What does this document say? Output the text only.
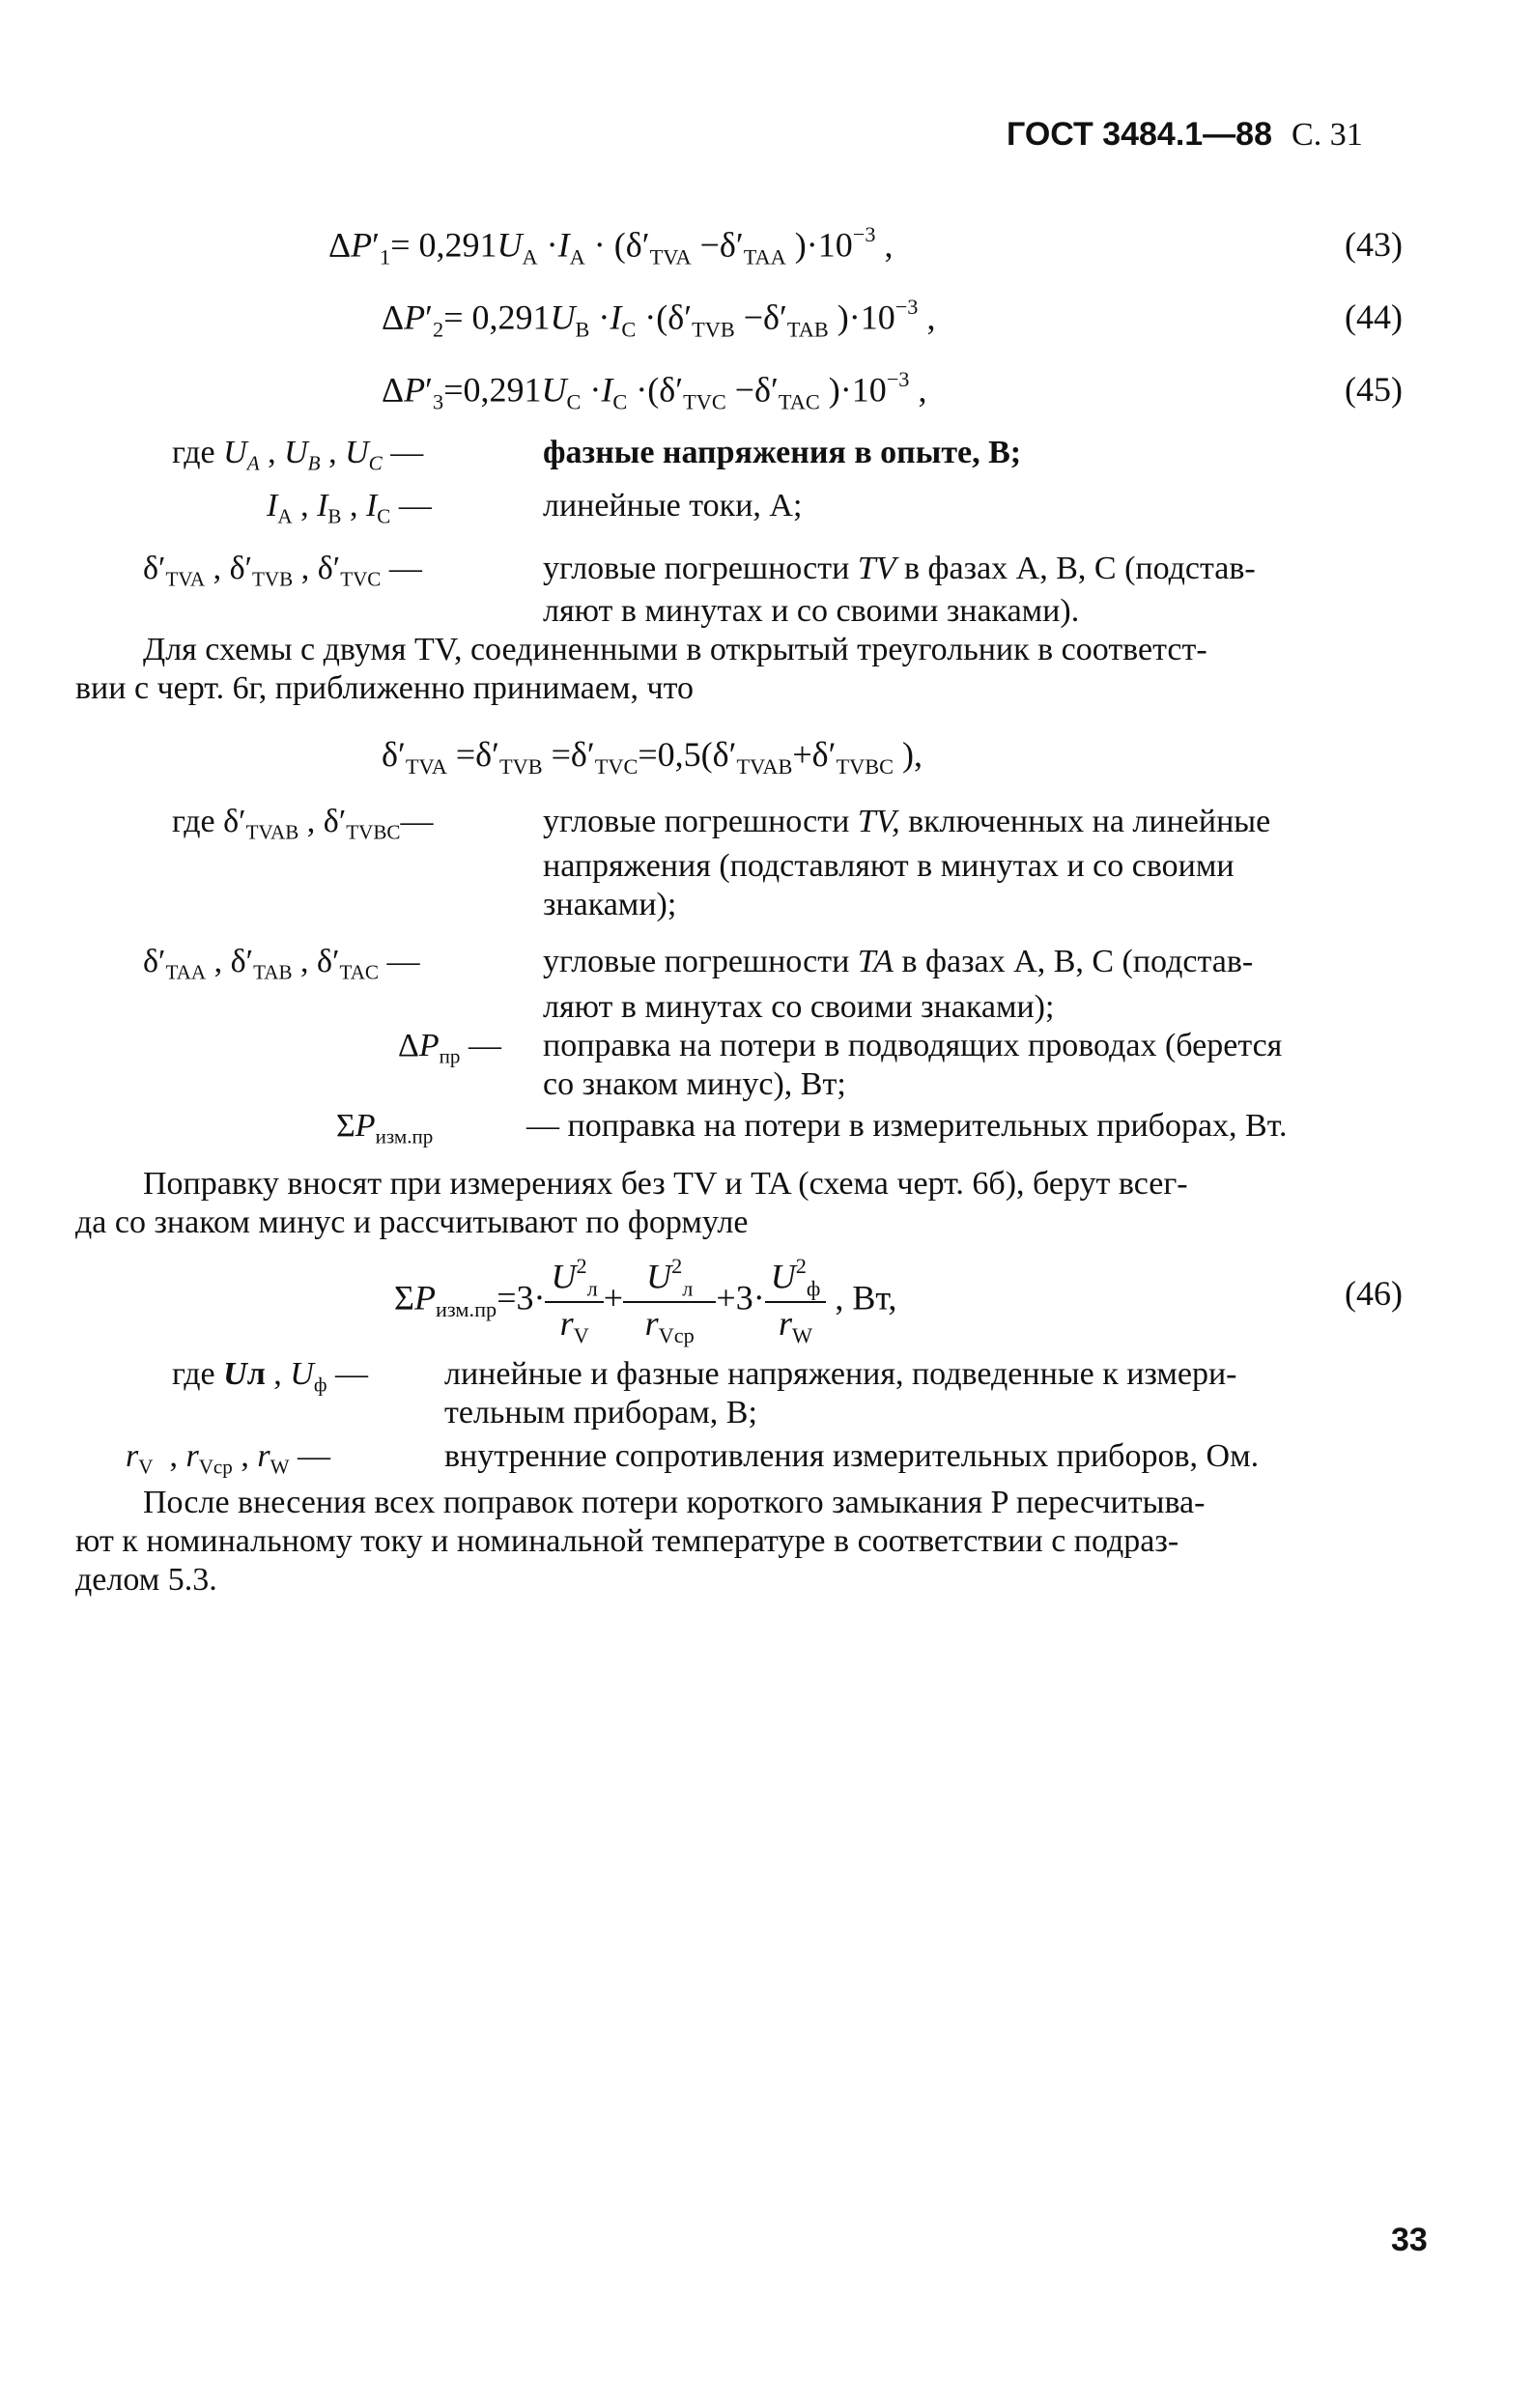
ГОСТ 3484.1—88 С. 31
$\Delta P'_1= 0,291U_A \cdot I_A \cdot (\delta'_{TVA} -\delta'_{TAA}$ )$\cdot 10^{-3}$ ,	(43)
$\Delta P'_2= 0,291U_B \cdot I_C \cdot(\delta'_{TVB} -\delta'_{TAB}$ )$\cdot 10^{-3}$ ,	(44)
$\Delta P'_3=0,291U_C \cdot I_C \cdot(\delta'_{TVC} -\delta'_{TAC}$ )$\cdot 10^{-3}$ ,	(45)
где $U_A$ , $U_B$ , $U_C$ —	фазные напряжения в опыте, В;
$I_A$ , $I_B$ , $I_C$ —	линейные токи, А;
$\delta'_{TVA}$ , $\delta'_{TVB}$ , $\delta'_{TVC}$ —	угловые погрешности TV в фазах А, В, С (подстав-
ляют в минутах и со своими знаками).
Для схемы с двумя TV, соединенными в открытый треугольник в соответст-
вии с черт. 6г, приближенно принимаем, что
$\delta'_{TVA} =\delta'_{TVB} =\delta'_{TVC}=0,5(\delta'_{TVAB}+\delta'_{TVBC}$ ),
где $\delta'_{TVAB}$ , $\delta'_{TVBC}—$	угловые погрешности TV, включенных на линейные
напряжения (подставляют в минутах и со своими
знаками);
$\delta'_{TAA}$ , $\delta'_{TAB}$ , $\delta'_{TAC}$ —	угловые погрешности TA в фазах А, В, С (подстав-
ляют в минутах со своими знаками);
$\Delta P_{пр}$ — поправка на потери в подводящих проводах (берется
со знаком минус), Вт;
$\Sigma P_{изм.пр}$	— поправка на потери в измерительных приборах, Вт.
Поправку вносят при измерениях без TV и TA (схема черт. 6б), берут всег-
да со знаком минус и рассчитывают по формуле
$\Sigma P_{изм.пр}=3\cdot \frac{U^2_л}{r_V} + \frac{U^2_л}{r_{Vcp}} +3\cdot \frac{U^2_ф}{r_W}$ , Вт,	(46)
где Uл , $U_ф$ — линейные и фазные напряжения, подведенные к измери-
тельным приборам, В;
$r_V$  , $r_{Vcp}$ , $r_W$ —	внутренние сопротивления измерительных приборов, Ом.
После внесения всех поправок потери короткого замыкания P пересчитыва-
ют к номинальному току и номинальной температуре в соответствии с подраз-
делом 5.3.
33
